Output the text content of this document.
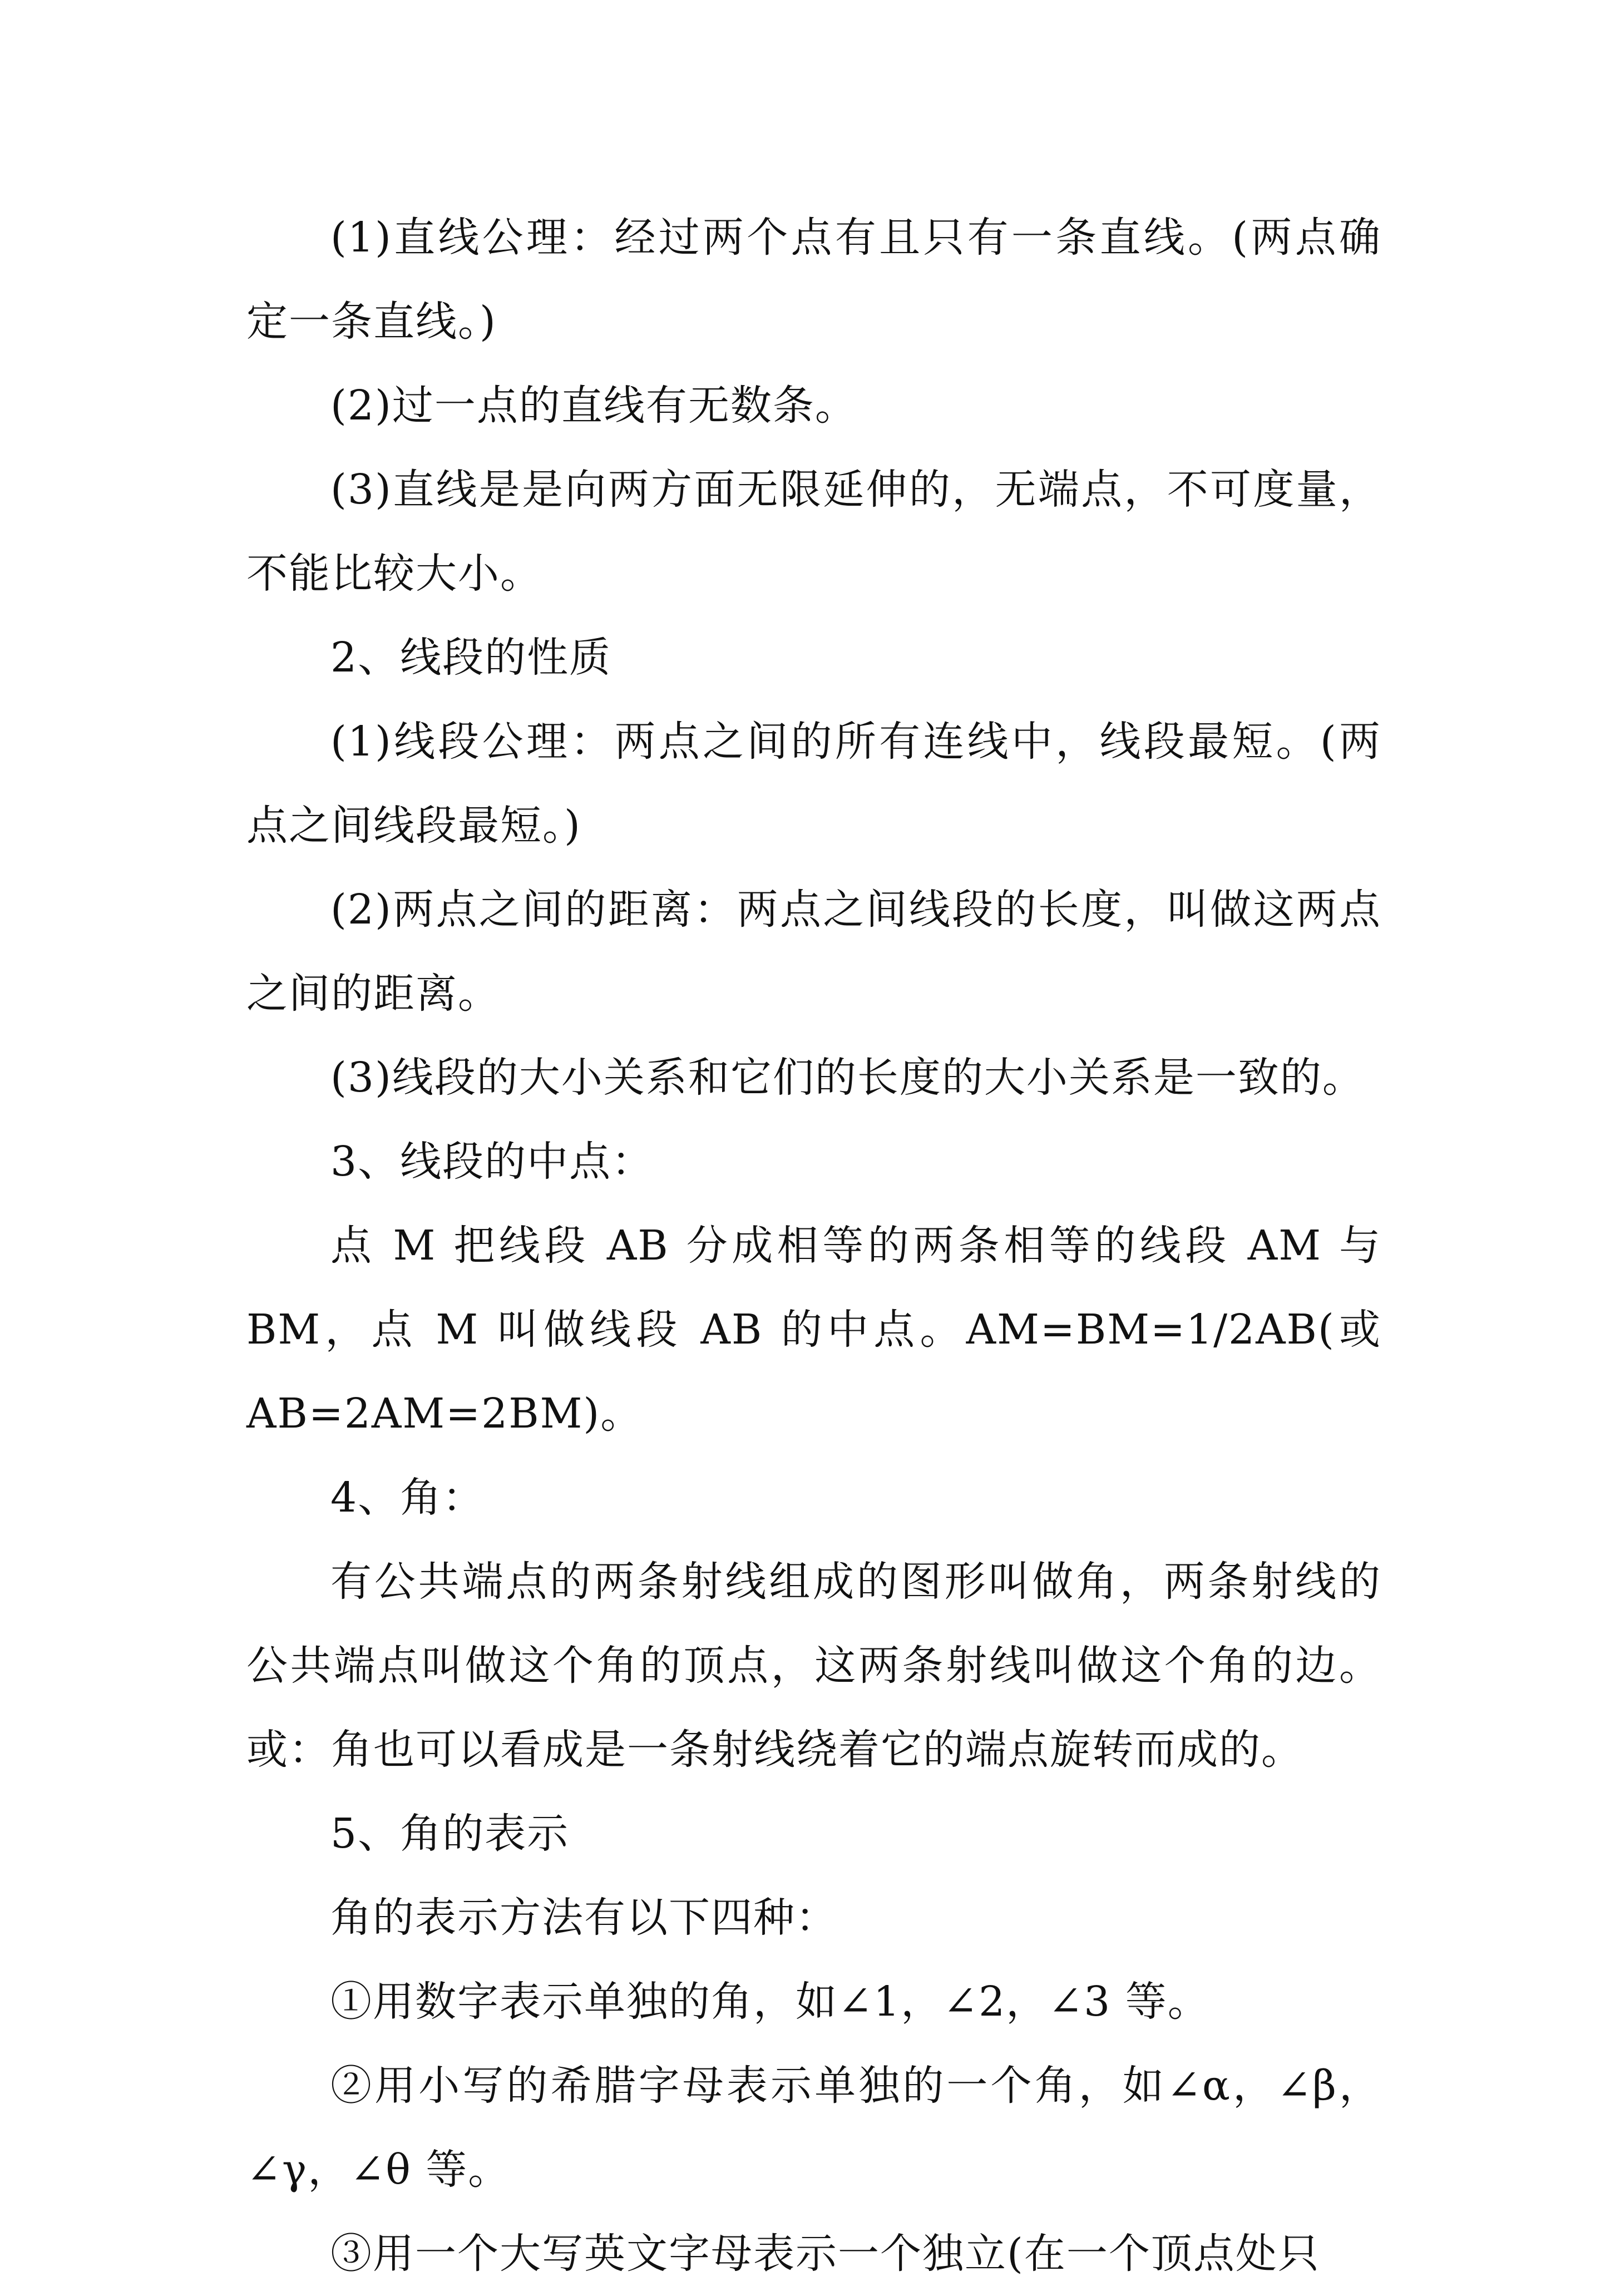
(1)直线公理：经过两个点有且只有一条直线。(两点确定一条直线。)

(2)过一点的直线有无数条。

(3)直线是是向两方面无限延伸的，无端点，不可度量，不能比较大小。

2、线段的性质

(1)线段公理：两点之间的所有连线中，线段最短。(两点之间线段最短。)

(2)两点之间的距离：两点之间线段的长度，叫做这两点之间的距离。

(3)线段的大小关系和它们的长度的大小关系是一致的。

3、线段的中点：

点 M 把线段 AB 分成相等的两条相等的线段 AM 与 BM，点 M 叫做线段 AB 的中点。AM=BM=1/2AB(或 AB=2AM=2BM)。

4、角：

有公共端点的两条射线组成的图形叫做角，两条射线的公共端点叫做这个角的顶点，这两条射线叫做这个角的边。或：角也可以看成是一条射线绕着它的端点旋转而成的。

5、角的表示

角的表示方法有以下四种：

①用数字表示单独的角，如∠1，∠2，∠3 等。

②用小写的希腊字母表示单独的一个角，如∠α，∠β，∠γ，∠θ 等。

③用一个大写英文字母表示一个独立(在一个顶点处只
